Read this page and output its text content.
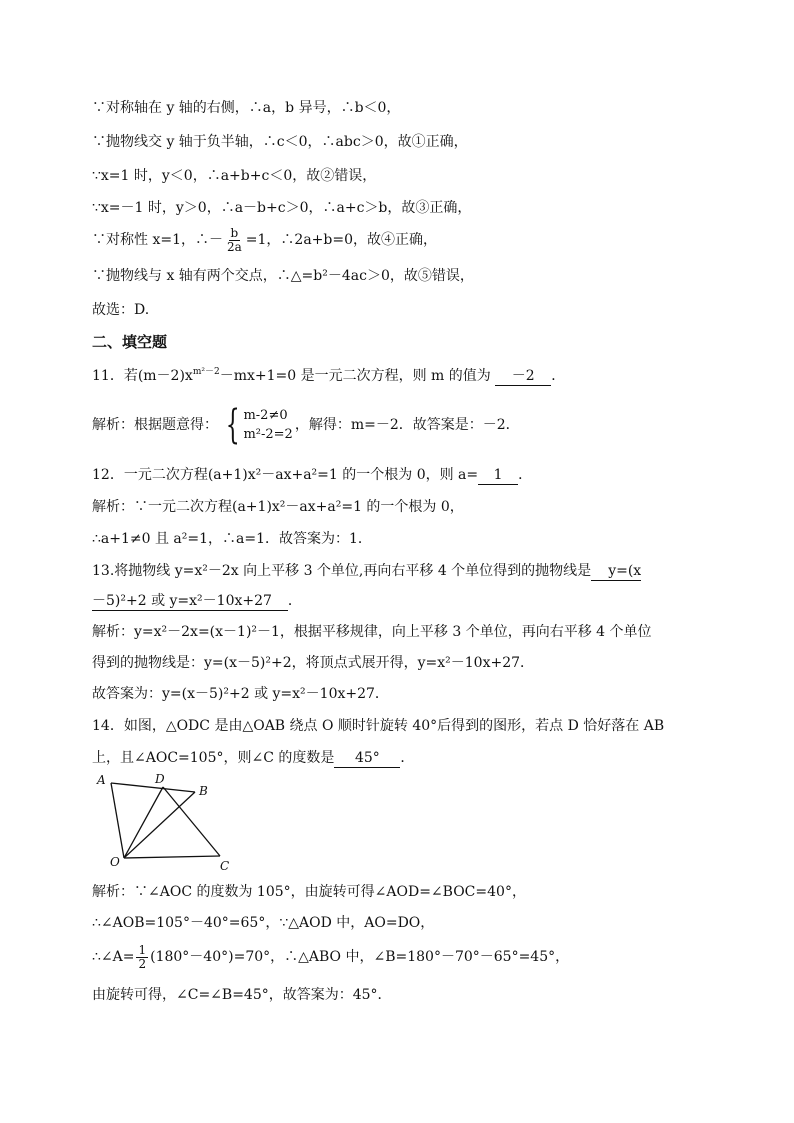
∵对称轴在 y 轴的右侧，∴a，b 异号，∴b＜0，
∵抛物线交 y 轴于负半轴，∴c＜0，∴abc＞0，故①正确，
∵x=1 时，y＜0，∴a+b+c＜0，故②错误，
∵x=－1 时，y＞0，∴a－b+c＞0，∴a+c＞b，故③正确，
∵对称性 x=1，∴－ $\frac{b}{2a} =1$，∴2a+b=0，故④正确，
∵抛物线与 x 轴有两个交点，∴△=b²－4ac＞0，故⑤错误，
故选：D.
二、填空题
11．若$(m-2)x^{m^2-2}-mx+1=0$ 是一元二次方程，则 m 的值为 －2 ．
解析：根据题意得： { m-2≠0
m²-2=2
，解得：m=－2．故答案是：－2．
12．一元二次方程(a+1)x²－ax+a²=1 的一个根为 0，则 a= 1 ．
解析：∵一元二次方程(a+1)x²－ax+a²=1 的一个根为 0，
∴a+1≠0 且 a²=1，∴a=1．故答案为：1．
13.将抛物线 y=x²－2x 向上平移 3 个单位,再向右平移 4 个单位得到的抛物线是 y=(x
－5)²+2 或 y=x²－10x+27 ．
解析：y=x²－2x=(x－1)²－1，根据平移规律，向上平移 3 个单位，再向右平移 4 个单位
得到的抛物线是：y=(x－5)²+2，将顶点式展开得，y=x²－10x+27．
故答案为：y=(x－5)²+2 或 y=x²－10x+27．
14．如图，△ODC 是由△OAB 绕点 O 顺时针旋转 40°后得到的图形，若点 D 恰好落在 AB
上，且∠AOC=105°，则∠C 的度数是 45° ．
A	D
B
O	C
解析：∵∠AOC 的度数为 105°，由旋转可得∠AOD=∠BOC=40°，
∴∠AOB=105°－40°=65°，∵△AOD 中，AO=DO，
∴∠A= $\frac{1}{2} (180^\circ-40^\circ)=70^\circ$，∴△ABO 中，∠B=180°－70°－65°=45°，
由旋转可得，∠C=∠B=45°，故答案为：45°．
